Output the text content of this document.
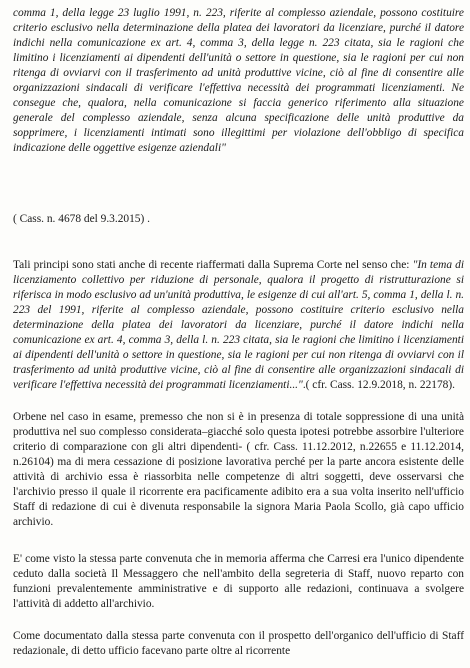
comma 1, della legge 23 luglio 1991, n. 223, riferite al complesso aziendale, possono costituire criterio esclusivo nella determinazione della platea dei lavoratori da licenziare, purché il datore indichi nella comunicazione ex art. 4, comma 3, della legge n. 223 citata, sia le ragioni che limitino i licenziamenti ai dipendenti dell'unità o settore in questione, sia le ragioni per cui non ritenga di ovviarvi con il trasferimento ad unità produttive vicine, ciò al fine di consentire alle organizzazioni sindacali di verificare l'effettiva necessità dei programmati licenziamenti. Ne consegue che, qualora, nella comunicazione si faccia generico riferimento alla situazione generale del complesso aziendale, senza alcuna specificazione delle unità produttive da sopprimere, i licenziamenti intimati sono illegittimi per violazione dell'obbligo di specifica indicazione delle oggettive esigenze aziendali"

( Cass. n. 4678 del 9.3.2015) .

Tali principi sono stati anche di recente riaffermati dalla Suprema Corte nel senso che: "In tema di licenziamento collettivo per riduzione di personale, qualora il progetto di ristrutturazione si riferisca in modo esclusivo ad un'unità produttiva, le esigenze di cui all'art. 5, comma 1, della l. n. 223 del 1991, riferite al complesso aziendale, possono costituire criterio esclusivo nella determinazione della platea dei lavoratori da licenziare, purché il datore indichi nella comunicazione ex art. 4, comma 3, della l. n. 223 citata, sia le ragioni che limitino i licenziamenti ai dipendenti dell'unità o settore in questione, sia le ragioni per cui non ritenga di ovviarvi con il trasferimento ad unità produttive vicine, ciò al fine di consentire alle organizzazioni sindacali di verificare l'effettiva necessità dei programmati licenziamenti...".( cfr. Cass. 12.9.2018, n. 22178).

Orbene nel caso in esame, premesso che non si è in presenza di totale soppressione di una unità produttiva nel suo complesso considerata–giacché solo questa ipotesi potrebbe assorbire l'ulteriore criterio di comparazione con gli altri dipendenti- ( cfr. Cass. 11.12.2012, n.22655 e 11.12.2014, n.26104) ma di mera cessazione di posizione lavorativa perché per la parte ancora esistente delle attività di archivio essa è riassorbita nelle competenze di altri soggetti, deve osservarsi che l'archivio presso il quale il ricorrente era pacificamente adibito era a sua volta inserito nell'ufficio Staff di redazione di cui è divenuta responsabile la signora Maria Paola Scollo, già capo ufficio archivio.

E' come visto la stessa parte convenuta che in memoria afferma che Carresi era l'unico dipendente ceduto dalla società Il Messaggero che nell'ambito della segreteria di Staff, nuovo reparto con funzioni prevalentemente amministrative e di supporto alle redazioni, continuava a svolgere l'attività di addetto all'archivio.

Come documentato dalla stessa parte convenuta con il prospetto dell'organico dell'ufficio di Staff redazionale, di detto ufficio facevano parte oltre al ricorrente
